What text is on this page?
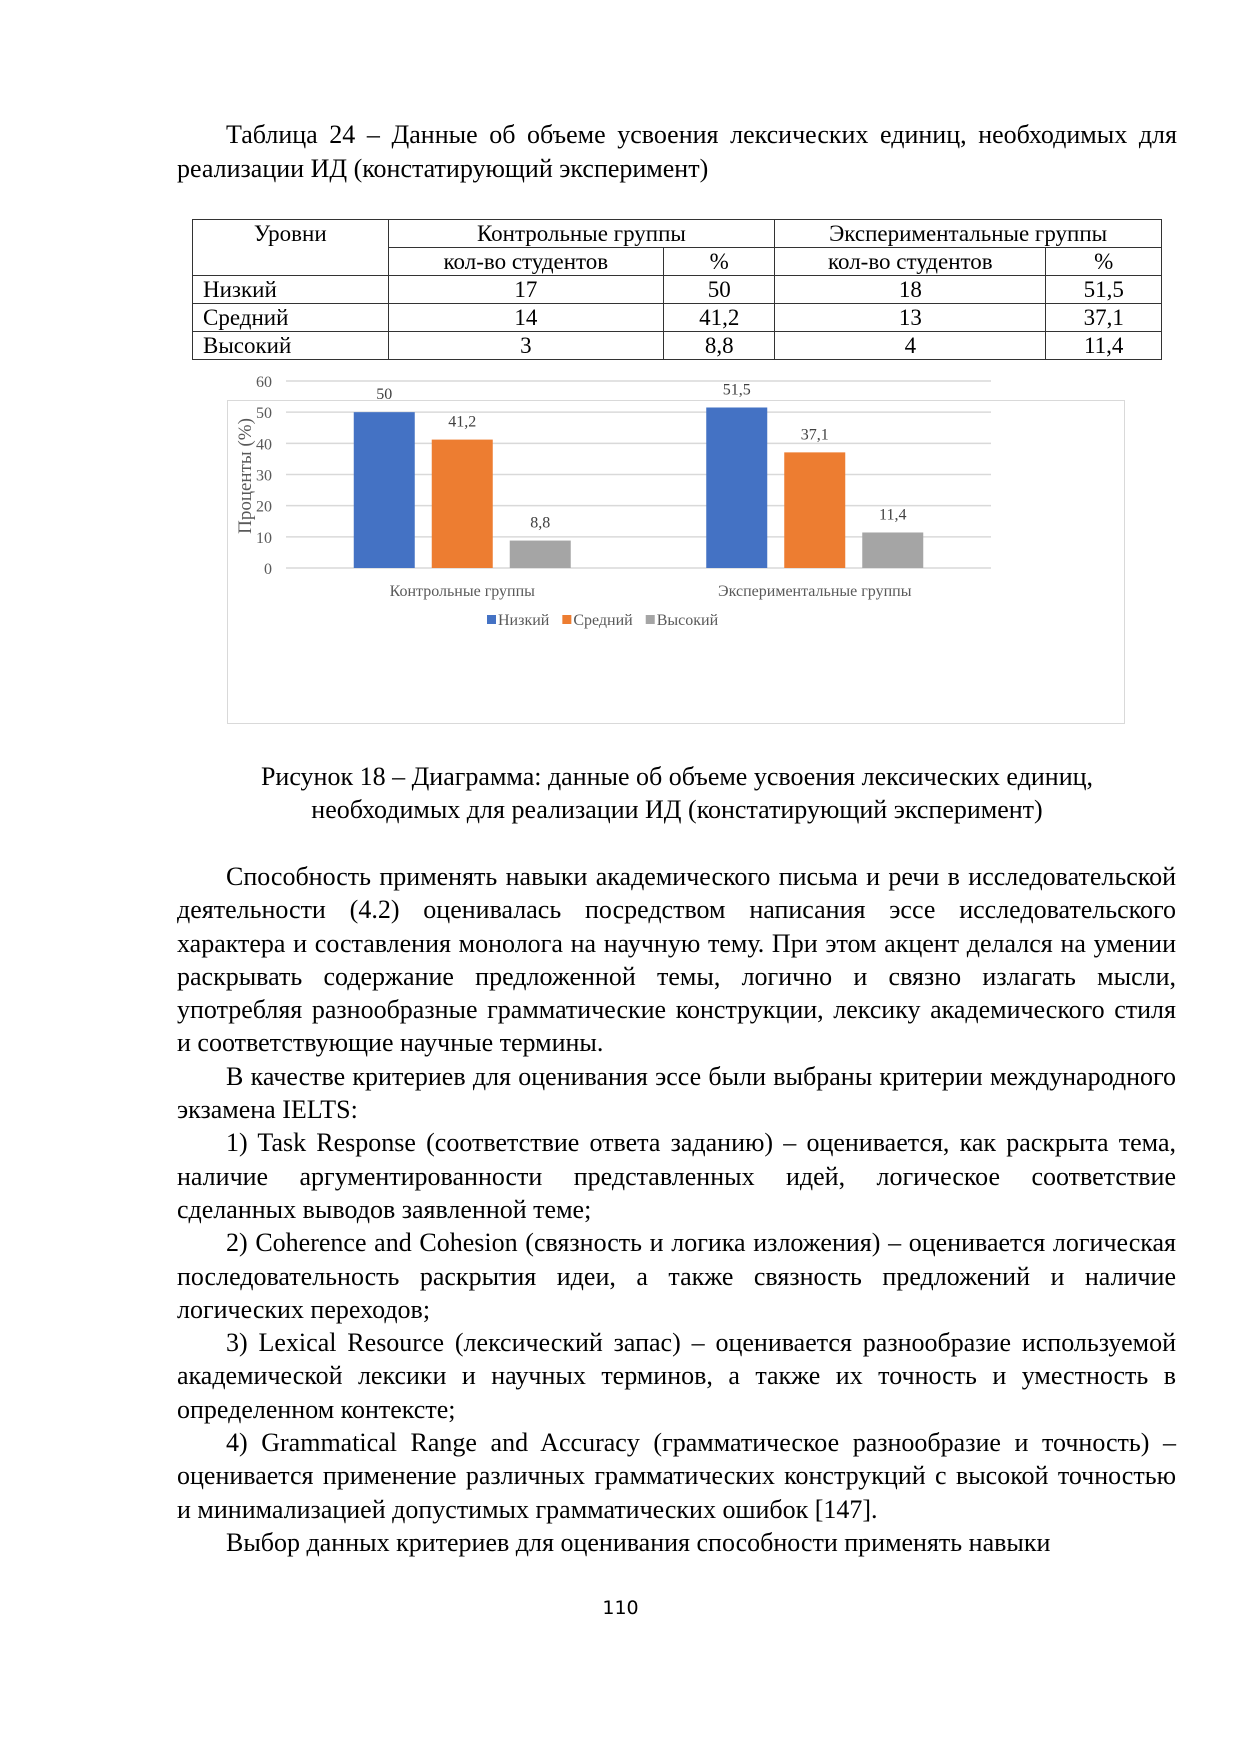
Таблица 24 – Данные об объеме усвоения лексических единиц, необходимых для реализации ИД (констатирующий эксперимент)
Уровни	Контрольные группы		Экспериментальные группы	
	кол-во студентов	%	кол-во студентов	%
Низкий	17	50	18	51,5
Средний	14	41,2	13	37,1
Высокий	3	8,8	4	11,4
0
10
20
30
40
50
60
Проценты (%)
50
41,2
8,8
51,5
37,1
11,4
Контрольные группы	Экспериментальные группы
Низкий Средний Высокий
Рисунок 18 – Диаграмма: данные об объеме усвоения лексических единиц,
необходимых для реализации ИД (констатирующий эксперимент)

Способность применять навыки академического письма и речи в исследовательской деятельности (4.2) оценивалась посредством написания эссе исследовательского характера и составления монолога на научную тему. При этом акцент делался на умении раскрывать содержание предложенной темы, логично и связно излагать мысли, употребляя разнообразные грамматические конструкции, лексику академического стиля и соответствующие научные термины.

В качестве критериев для оценивания эссе были выбраны критерии международного экзамена IELTS:

1) Task Response (соответствие ответа заданию) – оценивается, как раскрыта тема, наличие аргументированности представленных идей, логическое соответствие сделанных выводов заявленной теме;

2) Coherence and Cohesion (связность и логика изложения) – оценивается логическая последовательность раскрытия идеи, а также связность предложений и наличие логических переходов;

3) Lexical Resource (лексический запас) – оценивается разнообразие используемой академической лексики и научных терминов, а также их точность и уместность в определенном контексте;

4) Grammatical Range and Accuracy (грамматическое разнообразие и точность) – оценивается применение различных грамматических конструкций с высокой точностью и минимализацией допустимых грамматических ошибок [147].

Выбор данных критериев для оценивания способности применять навыки

110
